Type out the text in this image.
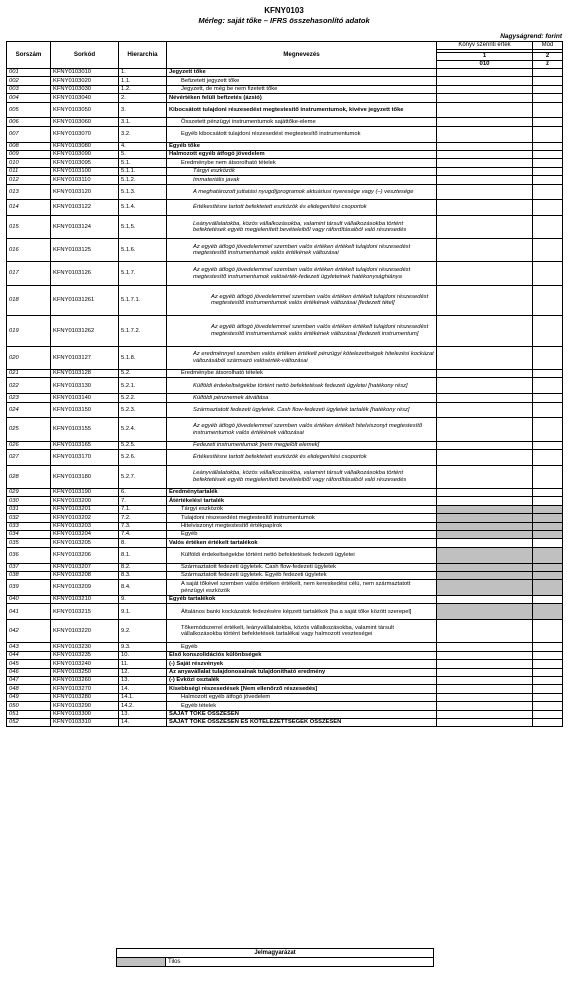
KFNY0103
Mérleg: saját tőke – IFRS összehasonlító adatok
Nagyságrend: forint
Sorszám	Sorkód	Hierarchia	Megnevezés	Könyv szerinti érték	Mód

				1	2
				010	z
001	KFNY0103010	1.	Jegyzett tőke		
002	KFNY0103020	1.1.	Befizetett jegyzett tőke		
003	KFNY0103030	1.2.	Jegyzett, de még be nem fizetett tőke		
004	KFNY0103040	2.	Névértéken felüli befizetés (ázsió)		
005	KFNY0103050	3.	Kibocsátott tulajdoni részesedést megtestesítő instrumentumok, kivéve jegyzett tőke		
006	KFNY0103060	3.1.	Összetett pénzügyi instrumentumok sajáttőke-eleme		
007	KFNY0103070	3.2.	Egyéb kibocsátott tulajdoni részesedést megtestesítő instrumentumok		
008	KFNY0103080	4.	Egyéb tőke		
009	KFNY0103090	5.	Halmozott egyéb átfogó jövedelem		
010	KFNY0103095	5.1.	Eredménybe nem átsorolható tételek		
011	KFNY0103100	5.1.1.	Tárgyi eszközök		
012	KFNY0103110	5.1.2.	Immateriális javak		
013	KFNY0103120	5.1.3.	A meghatározott juttatási nyugdíjprogramok aktuáriusi nyeresége vagy (–) vesztesége		
014	KFNY0103122	5.1.4.	Értékesítésre tartott befektetett eszközök és elidegenítési csoportok		
015	KFNY0103124	5.1.5.	Leányvállalatokba, közös vállalkozásokba, valamint társult vállalkozásokba történt befektetések egyéb megjelenített bevételeiből vagy ráfordításaiból való részesedés		
016	KFNY0103125	5.1.6.	Az egyéb átfogó jövedelemmel szemben valós értéken értékelt tulajdoni részesedést megtestesítő instrumentumok valós értékének változásai		
017	KFNY0103126	5.1.7.	Az egyéb átfogó jövedelemmel szemben valós értéken értékelt tulajdoni részesedést megtestesítő instrumentumok valósérték-fedezeti ügyleteinek hatékonysághiánya		
018	KFNY01031261	5.1.7.1.	Az egyéb átfogó jövedelemmel szemben valós értéken értékelt tulajdoni részesedést megtestesítő instrumentumok valós értékének változásai [fedezett tétel]		
019	KFNY01031262	5.1.7.2.	Az egyéb átfogó jövedelemmel szemben valós értéken értékelt tulajdoni részesedést megtestesítő instrumentumok valós értékének változásai [fedezeti instrumentum]		
020	KFNY0103127	5.1.8.	Az eredménnyel szemben valós értéken értékelt pénzügyi kötelezettségek hitelezési kockázat változásából származó valósérték-változásai		
021	KFNY0103128	5.2.	Eredménybe átsorolható tételek		
022	KFNY0103130	5.2.1.	Külföldi érdekeltségekbe történt nettó befektetések fedezeti ügyletei [hatékony rész]		
023	KFNY0103140	5.2.2.	Külföldi pénznemek átváltása		
024	KFNY0103150	5.2.3.	Származtatott fedezeti ügyletek. Cash flow-fedezeti ügyletek tartalék [hatékony rész]		
025	KFNY0103155	5.2.4.	Az egyéb átfogó jövedelemmel szemben valós értéken értékelt hitelviszonyt megtestesítő instrumentumok valós értékének változásai		
026	KFNY0103165	5.2.5.	Fedezeti instrumentumok [nem megjelölt elemek]		
027	KFNY0103170	5.2.6.	Értékesítésre tartott befektetett eszközök és elidegenítési csoportok		
028	KFNY0103180	5.2.7.	Leányvállalatokba, közös vállalkozásokba, valamint társult vállalkozásokba történt befektetések egyéb megjelenített bevételeiből vagy ráfordításaiból való részesedés		
029	KFNY0103190	6.	Eredménytartalék		
030	KFNY0103200	7.	Átértékelési tartalék		
031	KFNY0103201	7.1.	Tárgyi eszközök		
032	KFNY0103202	7.2.	Tulajdoni részesedést megtestesítő instrumentumok		
033	KFNY0103203	7.3.	Hitelviszonyt megtestesítő értékpapírok		
034	KFNY0103204	7.4.	Egyéb		
035	KFNY0103205	8.	Valós értéken értékelt tartalékok		
036	KFNY0103206	8.1.	Külföldi érdekeltségekbe történt nettó befektetések fedezeti ügyletei		
037	KFNY0103207	8.2.	Származtatott fedezeti ügyletek. Cash flow-fedezeti ügyletek		
038	KFNY0103208	8.3.	Származtatott fedezeti ügyletek. Egyéb fedezeti ügyletek		
039	KFNY0103209	8.4.	A saját tőkével szemben valós értéken értékelt, nem kereskedési célú, nem származtatott pénzügyi eszközök		
040	KFNY0103210	9.	Egyéb tartalékok		
041	KFNY0103215	9.1.	Általános banki kockázatok fedezésére képzett tartalékok [ha a saját tőke között szerepel]		
042	KFNY0103220	9.2.	Tőkemódszerrel értékelt, leányvállalatokba, közös vállalkozásokba, valamint társult vállalkozásokba történt befektetések tartalékai vagy halmozott veszteségei		
043	KFNY0103230	9.3.	Egyéb		
044	KFNY0103235	10.	Első konszolidációs különbségek		
045	KFNY0103240	11.	(-) Saját részvények		
046	KFNY0103250	12.	Az anyavállalat tulajdonosainak tulajdonítható eredmény		
047	KFNY0103260	13.	(-) Évközi osztalék		
048	KFNY0103270	14.	Kisebbségi részesedések [Nem ellenőrző részesedés]		
049	KFNY0103280	14.1.	Halmozott egyéb átfogó jövedelem		
050	KFNY0103290	14.2.	Egyéb tételek		
051	KFNY0103300	13.	SAJÁT TŐKE ÖSSZESEN		
052	KFNY0103310	14.	SAJÁT TŐKE ÖSSZESEN ÉS KÖTELEZETTSÉGEK ÖSSZESEN		
Jelmagyarázat
	Tilos
